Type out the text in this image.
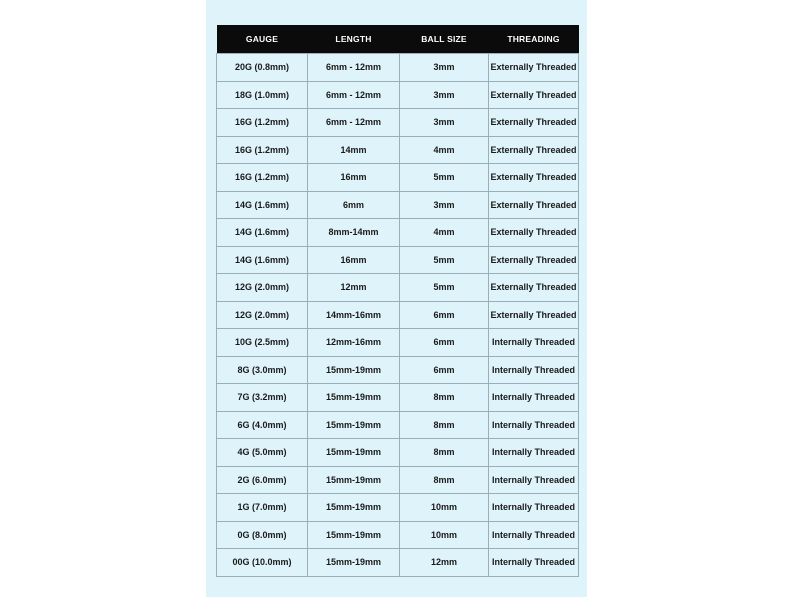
GAUGE	LENGTH	BALL SIZE	THREADING
20G (0.8mm)	6mm - 12mm	3mm	Externally Threaded
18G (1.0mm)	6mm - 12mm	3mm	Externally Threaded
16G (1.2mm)	6mm - 12mm	3mm	Externally Threaded
16G (1.2mm)	14mm	4mm	Externally Threaded
16G (1.2mm)	16mm	5mm	Externally Threaded
14G (1.6mm)	6mm	3mm	Externally Threaded
14G (1.6mm)	8mm-14mm	4mm	Externally Threaded
14G (1.6mm)	16mm	5mm	Externally Threaded
12G (2.0mm)	12mm	5mm	Externally Threaded
12G (2.0mm)	14mm-16mm	6mm	Externally Threaded
10G (2.5mm)	12mm-16mm	6mm	Internally Threaded
8G (3.0mm)	15mm-19mm	6mm	Internally Threaded
7G (3.2mm)	15mm-19mm	8mm	Internally Threaded
6G (4.0mm)	15mm-19mm	8mm	Internally Threaded
4G (5.0mm)	15mm-19mm	8mm	Internally Threaded
2G (6.0mm)	15mm-19mm	8mm	Internally Threaded
1G (7.0mm)	15mm-19mm	10mm	Internally Threaded
0G (8.0mm)	15mm-19mm	10mm	Internally Threaded
00G (10.0mm)	15mm-19mm	12mm	Internally Threaded
